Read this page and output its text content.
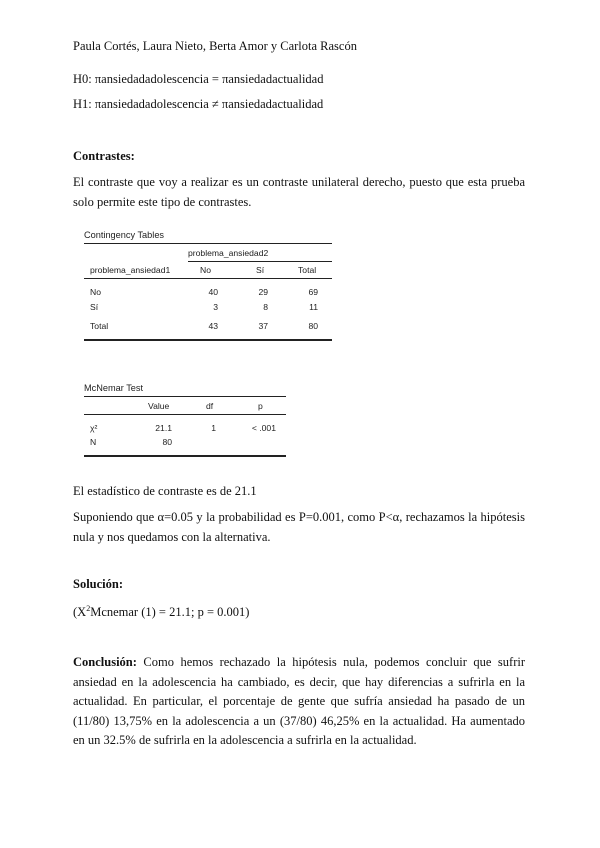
Paula Cortés, Laura Nieto, Berta Amor y Carlota Rascón
H0: πansiedadadolescencia = πansiedadactualidad
H1: πansiedadadolescencia ≠ πansiedadactualidad
Contrastes:
El contraste que voy a realizar es un contraste unilateral derecho, puesto que esta prueba solo permite este tipo de contrastes.
Contingency Tables
problema_ansiedad2
problema_ansiedad1	No	Sí	Total
No	40	29	69
Sí	3	8	11
Total	43	37	80
McNemar Test
Value	df	p
χ²	21.1	1	< .001
N	80
El estadístico de contraste es de 21.1
Suponiendo que α=0.05 y la probabilidad es P=0.001, como P<α, rechazamos la hipótesis nula y nos quedamos con la alternativa.
Solución:
($X^2Mcnemar$ (1) = 21.1; p = 0.001)
Conclusión: Como hemos rechazado la hipótesis nula, podemos concluir que sufrir ansiedad en la adolescencia ha cambiado, es decir, que hay diferencias a sufrirla en la actualidad. En particular, el porcentaje de gente que sufría ansiedad ha pasado de un (11/80) 13,75% en la adolescencia a un (37/80) 46,25% en la actualidad. Ha aumentado en un 32.5% de sufrirla en la adolescencia a sufrirla en la actualidad.
